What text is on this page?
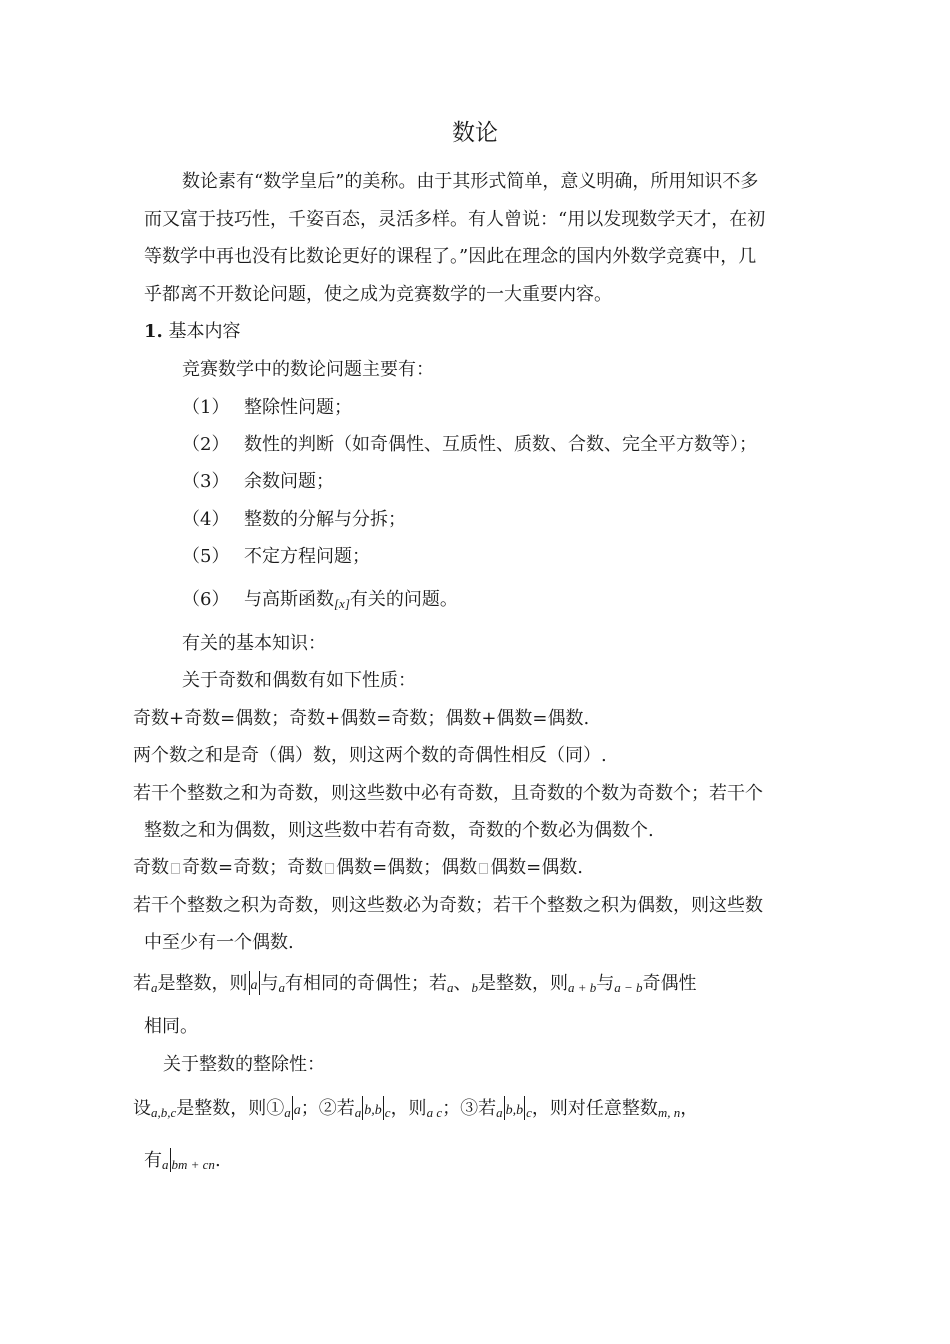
数论
数论素有“数学皇后”的美称。由于其形式简单，意义明确，所用知识不多
而又富于技巧性，千姿百态，灵活多样。有人曾说：“用以发现数学天才，在初
等数学中再也没有比数论更好的课程了。”因此在理念的国内外数学竞赛中，几
乎都离不开数论问题，使之成为竞赛数学的一大重要内容。
1. 基本内容
竞赛数学中的数论问题主要有：
（1） 整除性问题；
（2） 数性的判断（如奇偶性、互质性、质数、合数、完全平方数等）；
（3） 余数问题；
（4） 整数的分解与分拆；
（5） 不定方程问题；
（6） 与高斯函数$_{[x]}$有关的问题。
有关的基本知识：
关于奇数和偶数有如下性质：
奇数+奇数=偶数；奇数+偶数=奇数；偶数+偶数=偶数.
两个数之和是奇（偶）数，则这两个数的奇偶性相反（同）.
若干个整数之和为奇数，则这些数中必有奇数，且奇数的个数为奇数个；若干个
整数之和为偶数，则这些数中若有奇数，奇数的个数必为偶数个.
奇数 奇数=奇数；奇数 偶数=偶数；偶数 偶数=偶数.
若干个整数之积为奇数，则这些数必为奇数；若干个整数之积为偶数，则这些数
中至少有一个偶数.
若$_a$是整数，则 a 与$_a$有相同的奇偶性；若$_a$、$_b$是整数，则$_{a + b}$与$_{a - b}$奇偶性
相同。
关于整数的整除性：
设$_{a,b,c}$是整数，则$①_a$ a；②若$_a$ b,b $_c$，则$_{a c}$；③若$_a$ b,b $_c$，则对任意整数$_{m, n}$，
有$_a$ $_{bm + cn}$.
